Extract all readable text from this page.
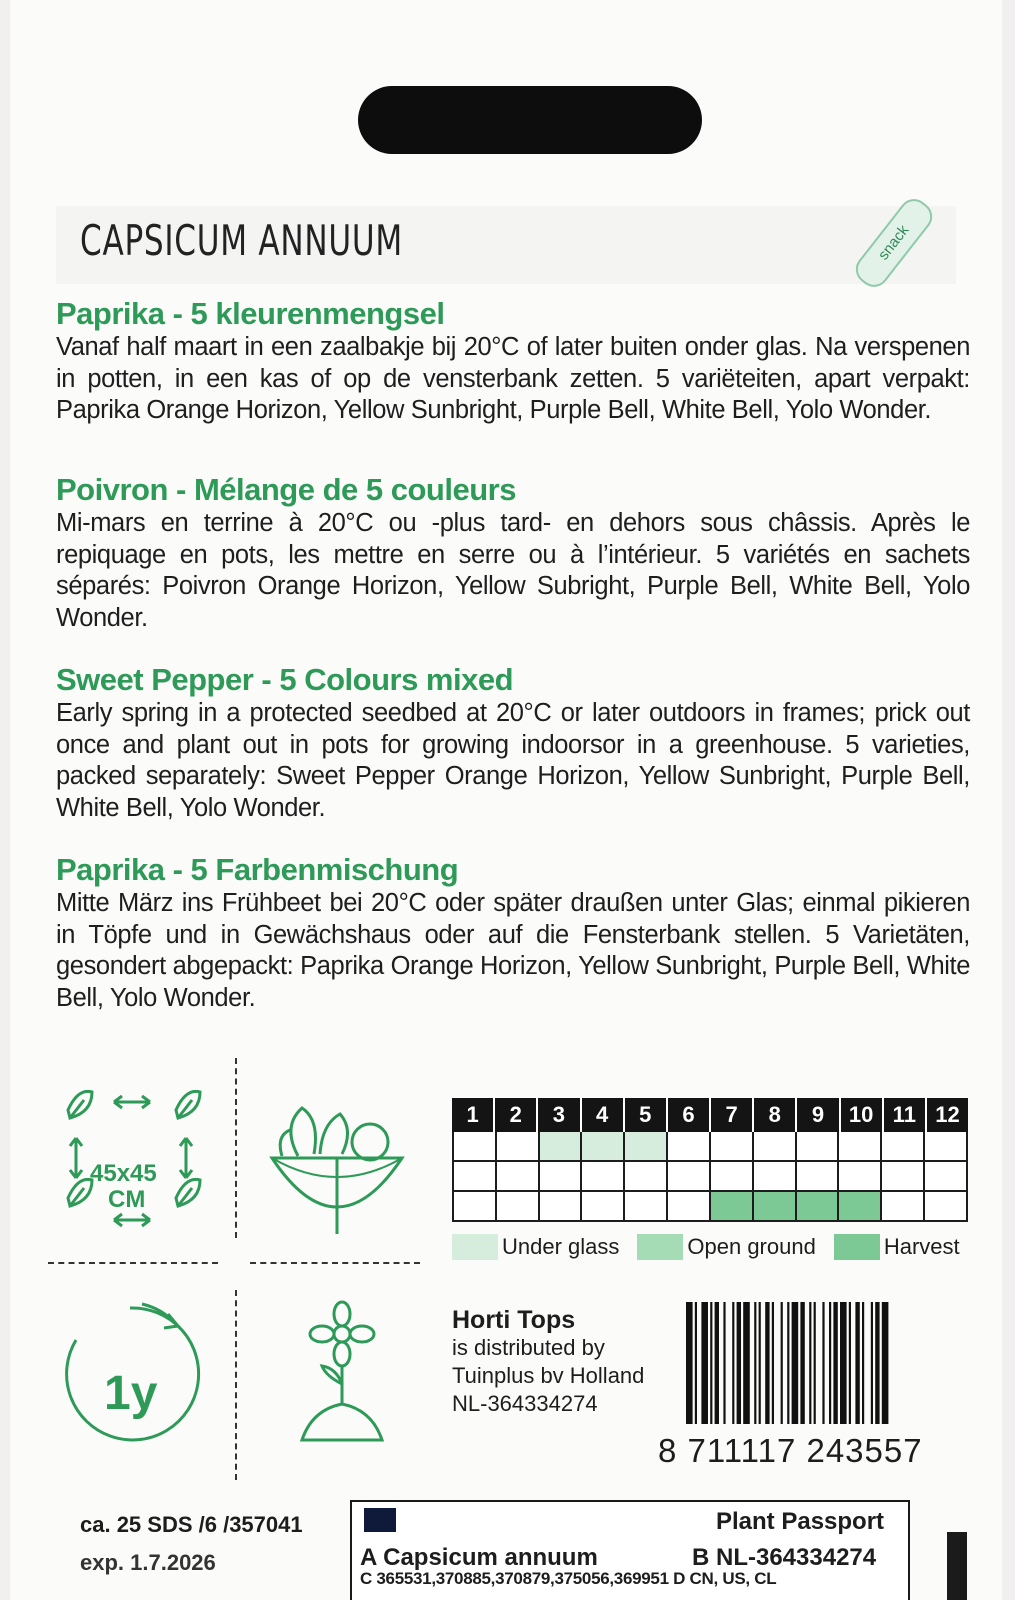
CAPSICUM ANNUUM	snack
Paprika - 5 kleurenmengsel

Vanaf half maart in een zaalbakje bij 20°C of later buiten onder glas. Na verspenen in potten, in een kas of op de vensterbank zetten. 5 variëteiten, apart verpakt: Paprika Orange Horizon, Yellow Sunbright, Purple Bell, White Bell, Yolo Wonder.

Poivron - Mélange de 5 couleurs

Mi-mars en terrine à 20°C ou -plus tard- en dehors sous châssis. Après le repiquage en pots, les mettre en serre ou à l’intérieur. 5 variétés en sachets séparés: Poivron Orange Horizon, Yellow Subright, Purple Bell, White Bell, Yolo Wonder.

Sweet Pepper - 5 Colours mixed

Early spring in a protected seedbed at 20°C or later outdoors in frames; prick out once and plant out in pots for growing indoorsor in a greenhouse. 5 varieties, packed separately: Sweet Pepper Orange Horizon, Yellow Sunbright, Purple Bell, White Bell, Yolo Wonder.

Paprika - 5 Farbenmischung

Mitte März ins Frühbeet bei 20°C oder später draußen unter Glas; einmal pikieren in Töpfe und in Gewächshaus oder auf die Fensterbank stellen. 5 Varietäten, gesondert abgepackt: Paprika Orange Horizon, Yellow Sunbright, Purple Bell, White Bell, Yolo Wonder.

45x45
CM
1y
1	2	3	4	5	6	7	8	9	10 11 12
Under glass	Open ground	Harvest
Horti Tops
is distributed by
Tuinplus bv Holland
NL-364334274
8 711117 243557
ca. 25 SDS /6 /357041
exp. 1.7.2026
Plant Passport
A Capsicum annuum	B NL-364334274
C 365531,370885,370879,375056,369951 D CN, US, CL
